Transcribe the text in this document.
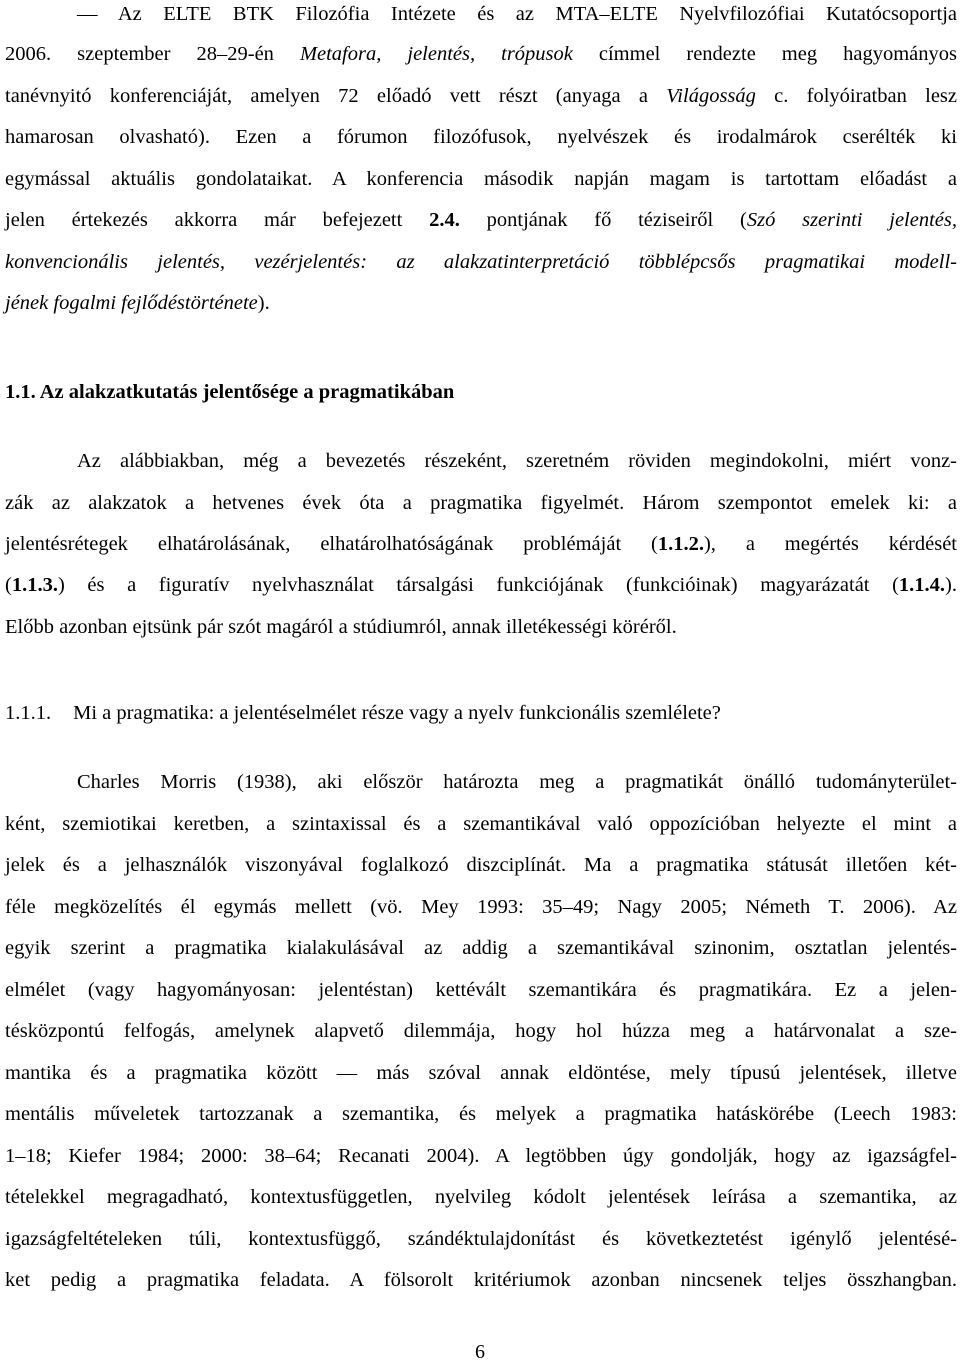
— Az ELTE BTK Filozófia Intézete és az MTA–ELTE Nyelvfilozófiai Kutatócsoportja
2006. szeptember 28–29-én Metafora, jelentés, trópusok címmel rendezte meg hagyományos
tanévnyitó konferenciáját, amelyen 72 előadó vett részt (anyaga a Világosság c. folyóiratban lesz
hamarosan olvasható). Ezen a fórumon filozófusok, nyelvészek és irodalmárok cserélték ki
egymással aktuális gondolataikat. A konferencia második napján magam is tartottam előadást a
jelen értekezés akkorra már befejezett 2.4. pontjának fő téziseiről (Szó szerinti jelentés,
konvencionális jelentés, vezérjelentés: az alakzatinterpretáció többlépcsős pragmatikai modell-
jének fogalmi fejlődéstörténete).
1.1. Az alakzatkutatás jelentősége a pragmatikában
Az alábbiakban, még a bevezetés részeként, szeretném röviden megindokolni, miért vonz-
zák az alakzatok a hetvenes évek óta a pragmatika figyelmét. Három szempontot emelek ki: a
jelentésrétegek elhatárolásának, elhatárolhatóságának problémáját (1.1.2.), a megértés kérdését
(1.1.3.) és a figuratív nyelvhasználat társalgási funkciójának (funkcióinak) magyarázatát (1.1.4.).
Előbb azonban ejtsünk pár szót magáról a stúdiumról, annak illetékességi köréről.
1.1.1. Mi a pragmatika: a jelentéselmélet része vagy a nyelv funkcionális szemlélete?
Charles Morris (1938), aki először határozta meg a pragmatikát önálló tudományterület-
ként, szemiotikai keretben, a szintaxissal és a szemantikával való oppozícióban helyezte el mint a
jelek és a jelhasználók viszonyával foglalkozó diszciplínát. Ma a pragmatika státusát illetően két-
féle megközelítés él egymás mellett (vö. Mey 1993: 35–49; Nagy 2005; Németh T. 2006). Az
egyik szerint a pragmatika kialakulásával az addig a szemantikával szinonim, osztatlan jelentés-
elmélet (vagy hagyományosan: jelentéstan) kettévált szemantikára és pragmatikára. Ez a jelen-
tésközpontú felfogás, amelynek alapvető dilemmája, hogy hol húzza meg a határvonalat a sze-
mantika és a pragmatika között — más szóval annak eldöntése, mely típusú jelentések, illetve
mentális műveletek tartozzanak a szemantika, és melyek a pragmatika hatáskörébe (Leech 1983:
1–18; Kiefer 1984; 2000: 38–64; Recanati 2004). A legtöbben úgy gondolják, hogy az igazságfel-
tételekkel megragadható, kontextusfüggetlen, nyelvileg kódolt jelentések leírása a szemantika, az
igazságfeltételeken túli, kontextusfüggő, szándéktulajdonítást és következtetést igénylő jelentésé-
ket pedig a pragmatika feladata. A fölsorolt kritériumok azonban nincsenek teljes összhangban.
6
